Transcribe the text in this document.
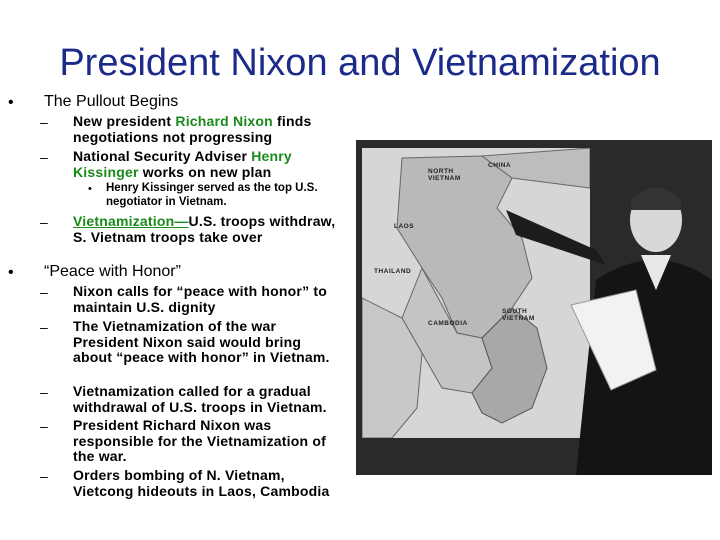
President Nixon and Vietnamization
• The Pullout Begins
– New president Richard Nixon finds negotiations not progressing
– National Security Adviser Henry Kissinger works on new plan
• Henry Kissinger served as the top U.S. negotiator in Vietnam.
– Vietnamization—U.S. troops withdraw, S. Vietnam troops take over
• “Peace with Honor”
– Nixon calls for “peace with honor” to maintain U.S. dignity
– The Vietnamization of the war President Nixon said would bring about “peace with honor” in Vietnam.
– Vietnamization called for a gradual withdrawal of U.S. troops in Vietnam.
– President Richard Nixon was responsible for the Vietnamization of the war.
– Orders bombing of N. Vietnam, Vietcong hideouts in Laos, Cambodia
CHINA
NORTH VIETNAM
LAOS
THAILAND
CAMBODIA
SOUTH VIETNAM
